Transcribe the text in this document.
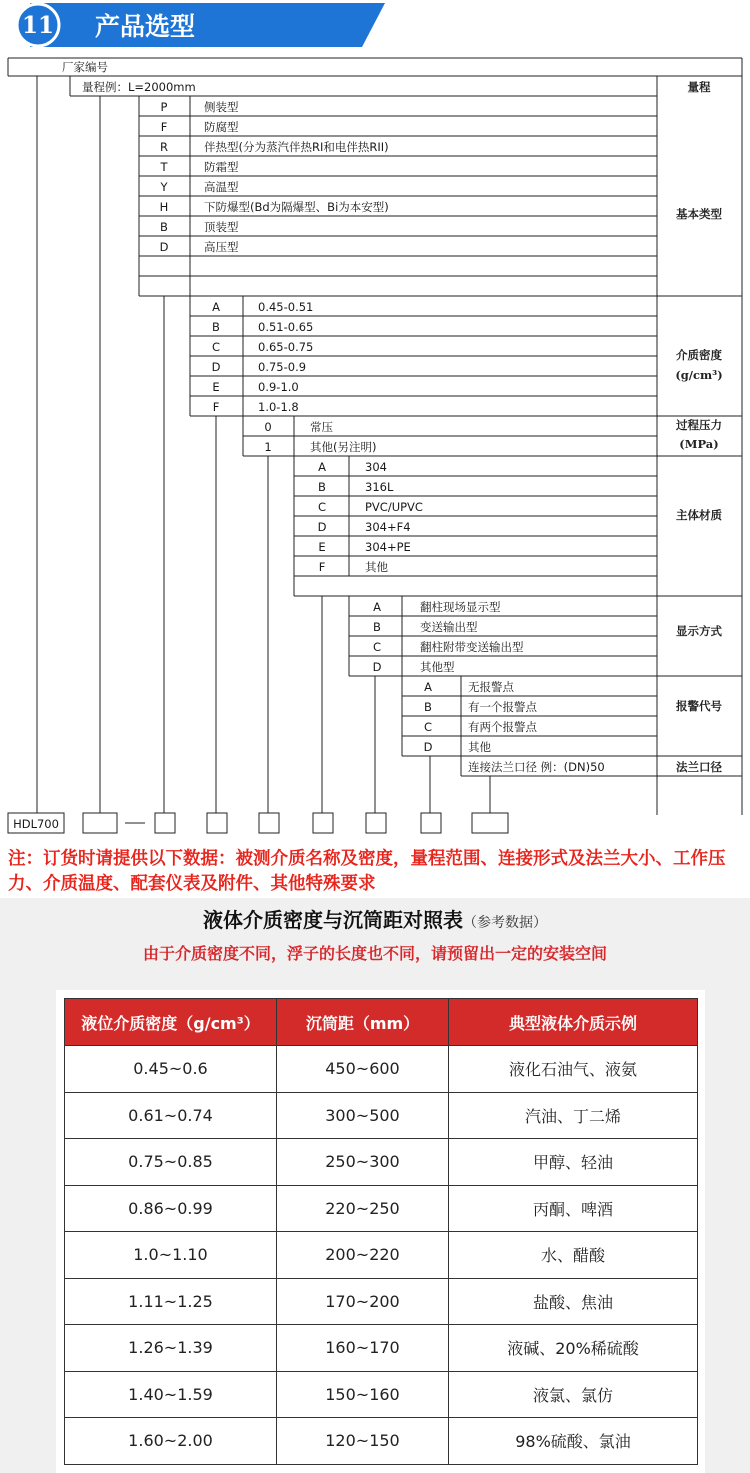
11 产品选型
厂家编号
量程例：L=2000mm	量程
P	侧装型
F	防腐型
R	伴热型(分为蒸汽伴热RI和电伴热RII)
T	防霜型
Y	高温型
H	下防爆型(Bd为隔爆型、Bi为本安型)
B	顶装型
D	高压型
基本类型
A	0.45-0.51
B	0.51-0.65
C	0.65-0.75
D	0.75-0.9
E	0.9-1.0
F	1.0-1.8
介质密度
(g/cm³)
0	常压
1	其他(另注明)
过程压力
(MPa)
A	304
B	316L
C	PVC/UPVC
D	304+F4
E	304+PE
F	其他
主体材质
A	翻柱现场显示型
B	变送输出型
C	翻柱附带变送输出型
D	其他型
显示方式
A	无报警点
B	有一个报警点
C	有两个报警点
D	其他
报警代号
连接法兰口径 例：(DN)50	法兰口径
HDL700

注：订货时请提供以下数据：被测介质名称及密度，量程范围、连接形式及法兰大小、工作压力、介质温度、配套仪表及附件、其他特殊要求

液体介质密度与沉筒距对照表（参考数据）

由于介质密度不同，浮子的长度也不同，请预留出一定的安装空间

液位介质密度（g/cm³）	沉筒距（mm）	典型液体介质示例
0.45~0.6	450~600	液化石油气、液氨
0.61~0.74	300~500	汽油、丁二烯
0.75~0.85	250~300	甲醇、轻油
0.86~0.99	220~250	丙酮、啤酒
1.0~1.10	200~220	水、醋酸
1.11~1.25	170~200	盐酸、焦油
1.26~1.39	160~170	液碱、20%稀硫酸
1.40~1.59	150~160	液氯、氯仿
1.60~2.00	120~150	98%硫酸、氯油
